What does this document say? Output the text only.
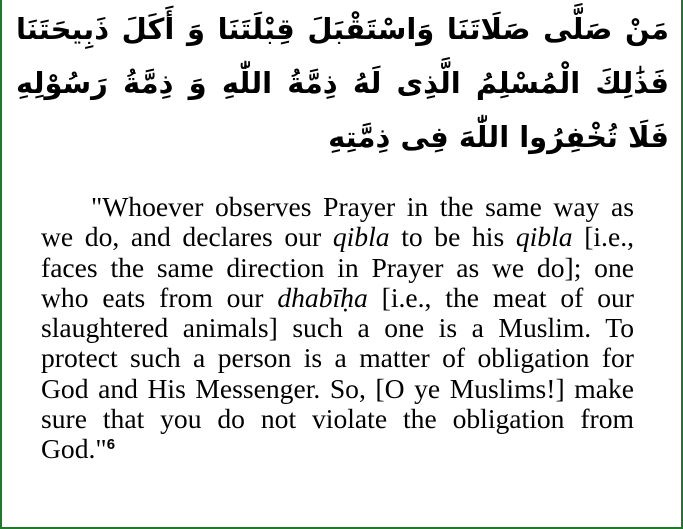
مَنْ صَلَّى صَلَاتَنَا وَاسْتَقْبَلَ قِبْلَتَنَا وَ أَكَلَ ذَبِيحَتَنَا فَذَٰلِكَ الْمُسْلِمُ الَّذِى لَهُ ذِمَّةُ اللّٰهِ وَ ذِمَّةُ رَسُوْلِهِ فَلَا تُخْفِرُوا اللّٰهَ فِى ذِمَّتِهِ

"Whoever observes Prayer in the same way as we do, and declares our qibla to be his qibla [i.e., faces the same direction in Prayer as we do]; one who eats from our dhabīḥa [i.e., the meat of our slaughtered animals] such a one is a Muslim. To protect such a person is a matter of obligation for God and His Messenger. So, [O ye Muslims!] make sure that you do not violate the obligation from God."$^6$
